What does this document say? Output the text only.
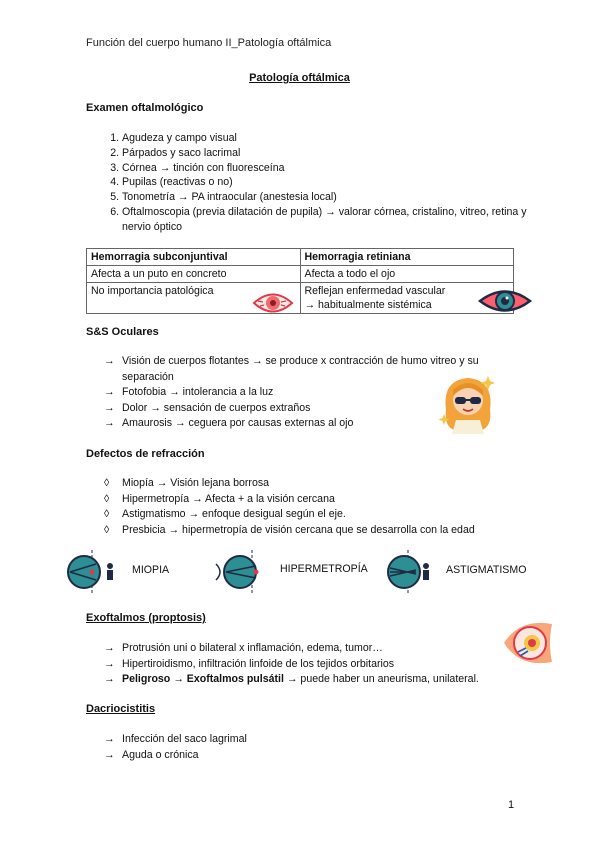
Función del cuerpo humano II_Patología oftálmica
Patología oftálmica
Examen oftalmológico
1. Agudeza y campo visual
2. Párpados y saco lacrimal
3. Córnea → tinción con fluoresceína
4. Pupilas (reactivas o no)
5. Tonometría → PA intraocular (anestesia local)
6. Oftalmoscopia (previa dilatación de pupila) → valorar córnea, cristalino, vitreo, retina y nervio óptico
Hemorragia subconjuntival	Hemorragia retiniana
Afecta a un puto en concreto	Afecta a todo el ojo
No importancia patológica	Reflejan enfermedad vascular → habitualmente sistémica
S&S Oculares
→ Visión de cuerpos flotantes → se produce x contracción de humo vitreo y su separación
→ Fotofobia → intolerancia a la luz
→ Dolor → sensación de cuerpos extraños
→ Amaurosis → ceguera por causas externas al ojo
Defectos de refracción
◊ Miopía → Visión lejana borrosa
◊ Hipermetropía → Afecta + a la visión cercana
◊ Astigmatismo → enfoque desigual según el eje.
◊ Presbicia → hipermetropía de visión cercana que se desarrolla con la edad
MIOPIA	HIPERMETROPÍA	ASTIGMATISMO
Exoftalmos (proptosis)
→ Protrusión uni o bilateral x inflamación, edema, tumor…
→ Hipertiroidismo, infiltración linfoide de los tejidos orbitarios
→ Peligroso → Exoftalmos pulsátil → puede haber un aneurisma, unilateral.
Dacriocistitis
→ Infección del saco lagrimal
→ Aguda o crónica
1
